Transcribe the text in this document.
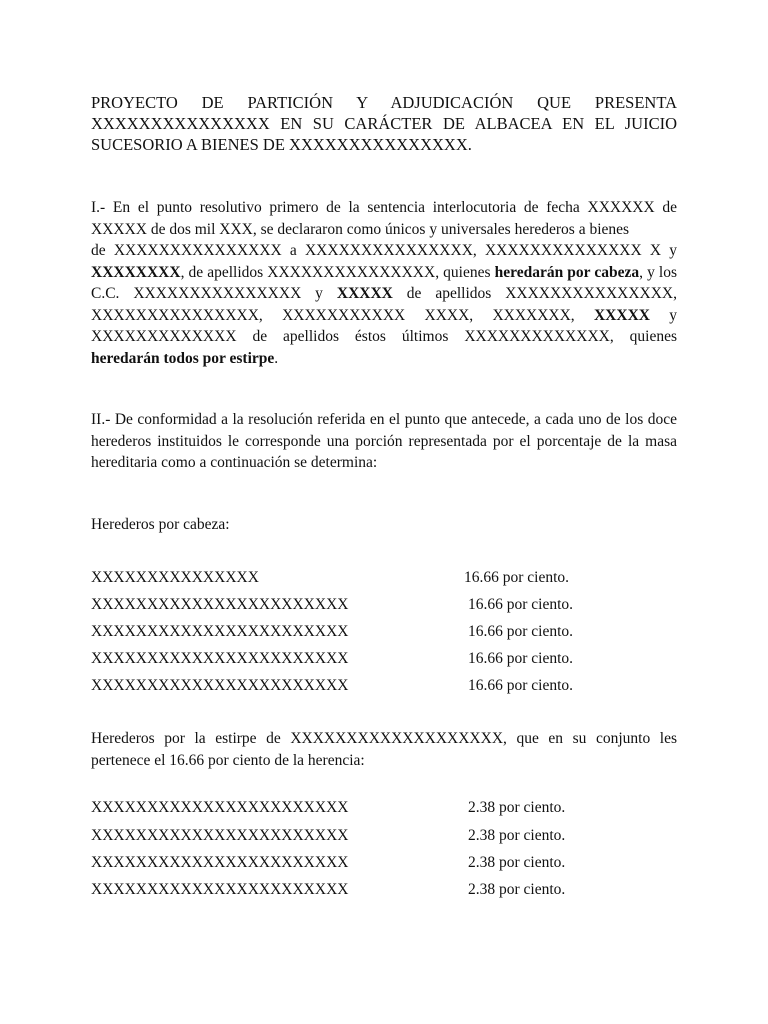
PROYECTO DE PARTICIÓN Y ADJUDICACIÓN QUE PRESENTA XXXXXXXXXXXXXXX EN SU CARÁCTER DE ALBACEA EN EL JUICIO SUCESORIO A BIENES DE XXXXXXXXXXXXXXX.

I.- En el punto resolutivo primero de la sentencia interlocutoria de fecha XXXXXX de XXXXX de dos mil XXX, se declararon como únicos y universales herederos a bienes

de XXXXXXXXXXXXXXX a XXXXXXXXXXXXXXX, XXXXXXXXXXXXXX X y XXXXXXXX, de apellidos XXXXXXXXXXXXXXX, quienes heredarán por cabeza, y los C.C. XXXXXXXXXXXXXXX y XXXXX de apellidos XXXXXXXXXXXXXXX, XXXXXXXXXXXXXXX, XXXXXXXXXXX XXXX, XXXXXXX, XXXXX y XXXXXXXXXXXXX de apellidos éstos últimos XXXXXXXXXXXXX, quienes heredarán todos por estirpe.

II.- De conformidad a la resolución referida en el punto que antecede, a cada uno de los doce herederos instituidos le corresponde una porción representada por el porcentaje de la masa hereditaria como a continuación se determina:

Herederos por cabeza:

XXXXXXXXXXXXXXX	16.66 por ciento.
XXXXXXXXXXXXXXXXXXXXXXX	16.66 por ciento.
XXXXXXXXXXXXXXXXXXXXXXX	16.66 por ciento.
XXXXXXXXXXXXXXXXXXXXXXX	16.66 por ciento.
XXXXXXXXXXXXXXXXXXXXXXX	16.66 por ciento.

Herederos por la estirpe de XXXXXXXXXXXXXXXXXXX, que en su conjunto les pertenece el 16.66 por ciento de la herencia:

XXXXXXXXXXXXXXXXXXXXXXX	2.38 por ciento.
XXXXXXXXXXXXXXXXXXXXXXX	2.38 por ciento.
XXXXXXXXXXXXXXXXXXXXXXX	2.38 por ciento.
XXXXXXXXXXXXXXXXXXXXXXX	2.38 por ciento.
